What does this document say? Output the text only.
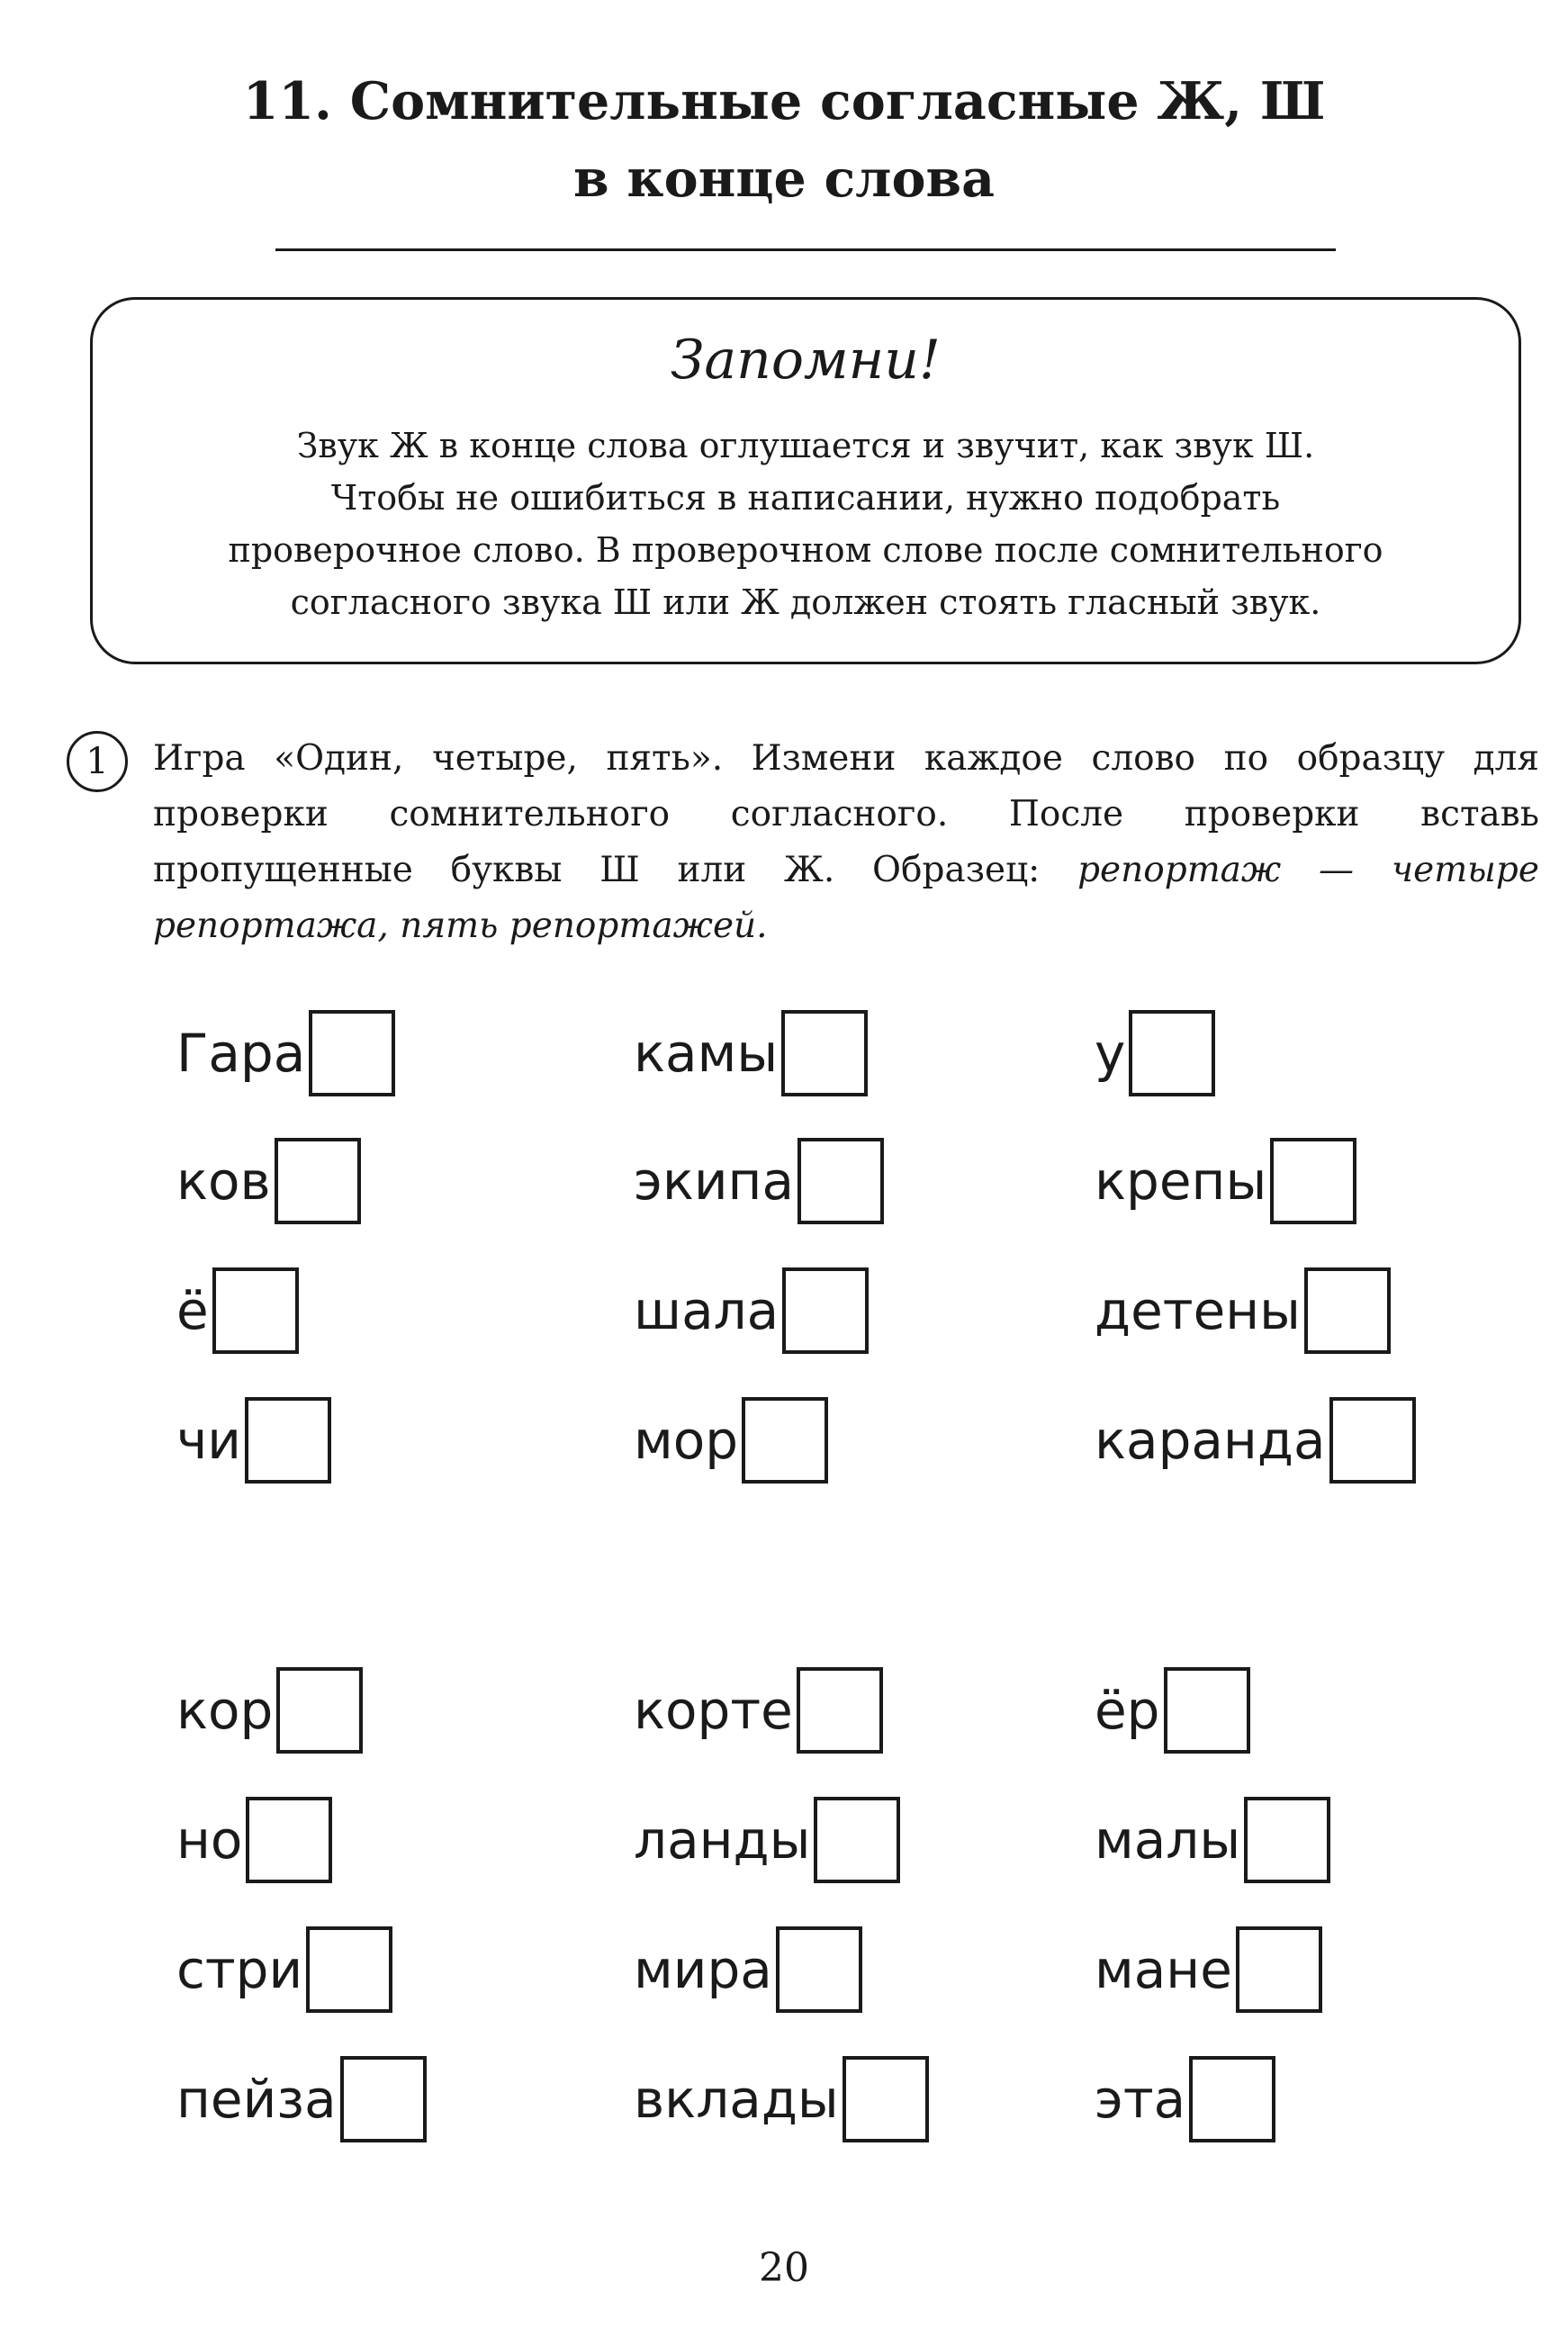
11. Сомнительные согласные Ж, Ш
в конце слова
Запомни!
Звук Ж в конце слова оглушается и звучит, как звук Ш.
Чтобы не ошибиться в написании, нужно подобрать
проверочное слово. В проверочном слове после сомнительного
согласного звука Ш или Ж должен стоять гласный звук.
1	Игра «Один, четыре, пять». Измени каждое слово по образцу для проверки сомнительного согласного. После проверки вставь пропущенные буквы Ш или Ж. Образец: репортаж — четыре репортажа, пять репортажей.
Гара	камы	у
ков	экипа	крепы
ё	шала	детены
чи	мор	каранда
кор	корте	ёр
но	ланды	малы
стри	мира	мане
пейза	вклады	эта
20
